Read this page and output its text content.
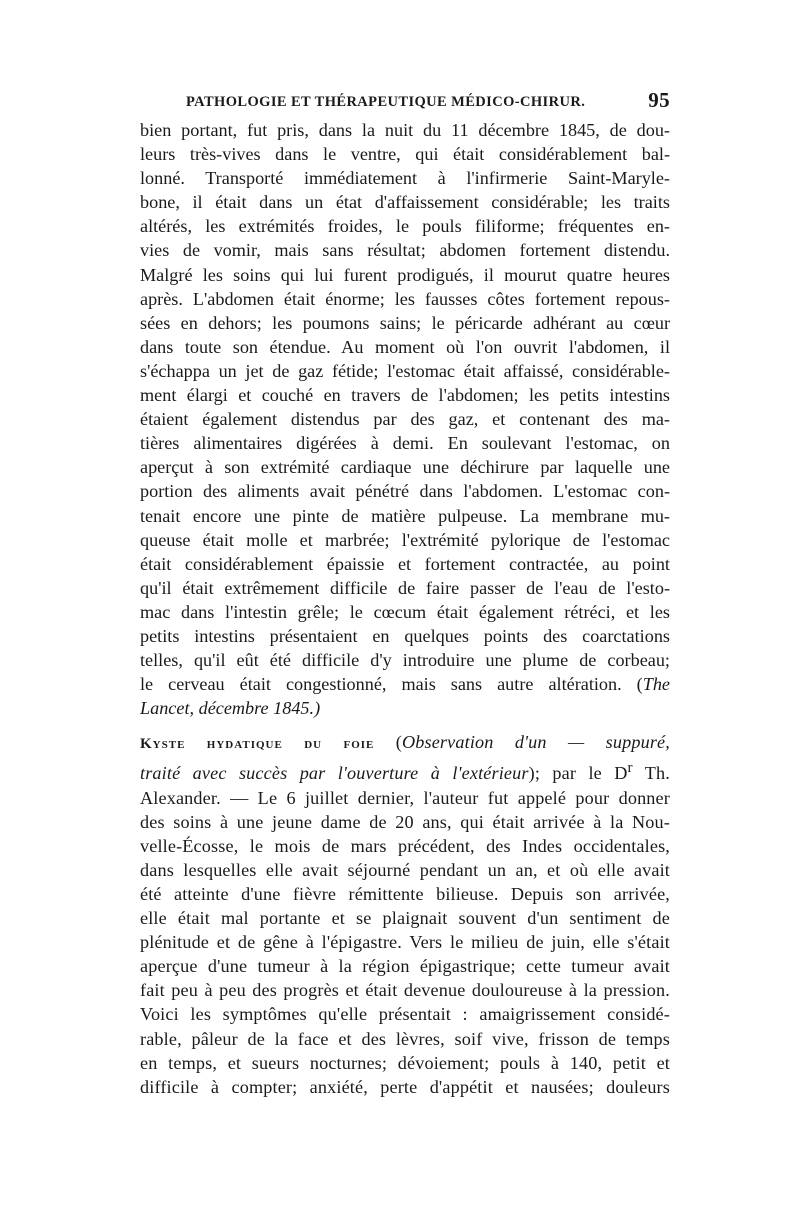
PATHOLOGIE ET THÉRAPEUTIQUE MÉDICO-CHIRUR.	95

bien portant, fut pris, dans la nuit du 11 décembre 1845, de dou-

leurs très-vives dans le ventre, qui était considérablement bal-

lonné. Transporté immédiatement à l'infirmerie Saint-Maryle-

bone, il était dans un état d'affaissement considérable; les traits

altérés, les extrémités froides, le pouls filiforme; fréquentes en-

vies de vomir, mais sans résultat; abdomen fortement distendu.

Malgré les soins qui lui furent prodigués, il mourut quatre heures

après. L'abdomen était énorme; les fausses côtes fortement repous-

sées en dehors; les poumons sains; le péricarde adhérant au cœur

dans toute son étendue. Au moment où l'on ouvrit l'abdomen, il

s'échappa un jet de gaz fétide; l'estomac était affaissé, considérable-

ment élargi et couché en travers de l'abdomen; les petits intestins

étaient également distendus par des gaz, et contenant des ma-

tières alimentaires digérées à demi. En soulevant l'estomac, on

aperçut à son extrémité cardiaque une déchirure par laquelle une

portion des aliments avait pénétré dans l'abdomen. L'estomac con-

tenait encore une pinte de matière pulpeuse. La membrane mu-

queuse était molle et marbrée; l'extrémité pylorique de l'estomac

était considérablement épaissie et fortement contractée, au point

qu'il était extrêmement difficile de faire passer de l'eau de l'esto-

mac dans l'intestin grêle; le cœcum était également rétréci, et les

petits intestins présentaient en quelques points des coarctations

telles, qu'il eût été difficile d'y introduire une plume de corbeau;

le cerveau était congestionné, mais sans autre altération. (The

Lancet, décembre 1845.)

Kyste hydatique du foie (Observation d'un — suppuré,

traité avec succès par l'ouverture à l'extérieur); par le $D^r$ Th.

Alexander. — Le 6 juillet dernier, l'auteur fut appelé pour donner

des soins à une jeune dame de 20 ans, qui était arrivée à la Nou-

velle-Écosse, le mois de mars précédent, des Indes occidentales,

dans lesquelles elle avait séjourné pendant un an, et où elle avait

été atteinte d'une fièvre rémittente bilieuse. Depuis son arrivée,

elle était mal portante et se plaignait souvent d'un sentiment de

plénitude et de gêne à l'épigastre. Vers le milieu de juin, elle s'était

aperçue d'une tumeur à la région épigastrique; cette tumeur avait

fait peu à peu des progrès et était devenue douloureuse à la pression.

Voici les symptômes qu'elle présentait : amaigrissement considé-

rable, pâleur de la face et des lèvres, soif vive, frisson de temps

en temps, et sueurs nocturnes; dévoiement; pouls à 140, petit et

difficile à compter; anxiété, perte d'appétit et nausées; douleurs
